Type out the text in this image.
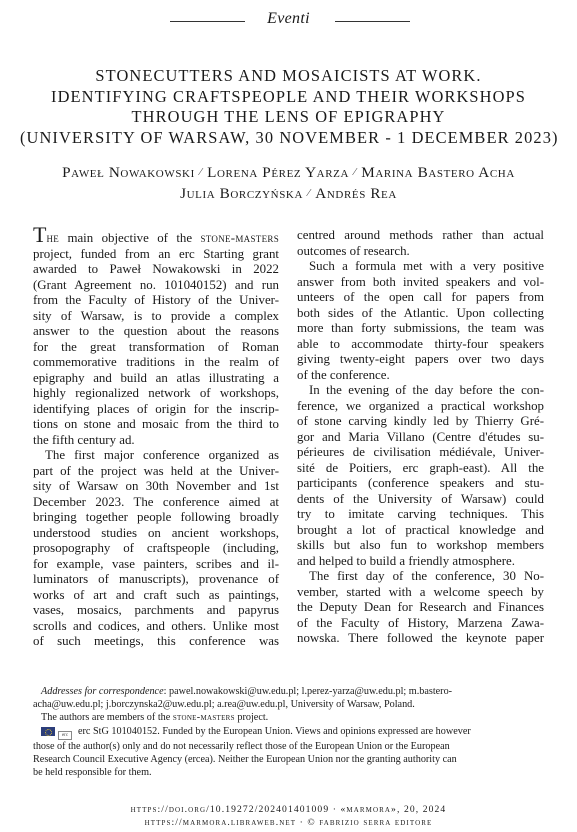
Eventi
STONECUTTERS AND MOSAICISTS AT WORK.
IDENTIFYING CRAFTSPEOPLE AND THEIR WORKSHOPS
THROUGH THE LENS OF EPIGRAPHY
(UNIVERSITY OF WARSAW, 30 NOVEMBER - 1 DECEMBER 2023)
Paweł Nowakowski ⁄ Lorena Pérez Yarza ⁄ Marina Bastero Acha
Julia Borczyńska ⁄ Andrés Rea

The main objective of the stone-masters

project, funded from an erc Starting grant
awarded to Paweł Nowakowski in 2022
(Grant Agreement no. 101040152) and run
from the Faculty of History of the Univer-
sity of Warsaw, is to provide a complex
answer to the question about the reasons
for the great transformation of Roman
commemorative traditions in the realm of
epigraphy and build an atlas illustrating a
highly regionalized network of workshops,
identifying places of origin for the inscrip-
tions on stone and mosaic from the third to
the fifth century ad.
The first major conference organized as
part of the project was held at the Univer-
sity of Warsaw on 30th November and 1st
December 2023. The conference aimed at
bringing together people following broadly
understood studies on ancient workshops,
prosopography of craftspeople (including,
for example, vase painters, scribes and il-
luminators of manuscripts), provenance of
works of art and craft such as paintings,
vases, mosaics, parchments and papyrus
scrolls and codices, and others. Unlike most
of such meetings, this conference was
centred around methods rather than actual
outcomes of research.
Such a formula met with a very positive
answer from both invited speakers and vol-
unteers of the open call for papers from
both sides of the Atlantic. Upon collecting
more than forty submissions, the team was
able to accommodate thirty-four speakers
giving twenty-eight papers over two days
of the conference.
In the evening of the day before the con-
ference, we organized a practical workshop
of stone carving kindly led by Thierry Gré-
gor and Maria Villano (Centre d'études su-
périeures de civilisation médiévale, Univer-
sité de Poitiers, erc graph-east). All the
participants (conference speakers and stu-
dents of the University of Warsaw) could
try to imitate carving techniques. This
brought a lot of practical knowledge and
skills but also fun to workshop members
and helped to build a friendly atmosphere.
The first day of the conference, 30 No-
vember, started with a welcome speech by
the Deputy Dean for Research and Finances
of the Faculty of History, Marzena Zawa-
nowska. There followed the keynote paper
Addresses for correspondence: pawel.nowakowski@uw.edu.pl; l.perez-yarza@uw.edu.pl; m.bastero-
acha@uw.edu.pl; j.borczynska2@uw.edu.pl; a.rea@uw.edu.pl, University of Warsaw, Poland.
The authors are members of the stone-masters project.
erc erc StG 101040152. Funded by the European Union. Views and opinions expressed are however
those of the author(s) only and do not necessarily reflect those of the European Union or the European
Research Council Executive Agency (ercea). Neither the European Union nor the granting authority can
be held responsible for them.
https://doi.org/10.19272/202401401009 · «marmora», 20, 2024
https://marmora.libraweb.net · © fabrizio serra editore
